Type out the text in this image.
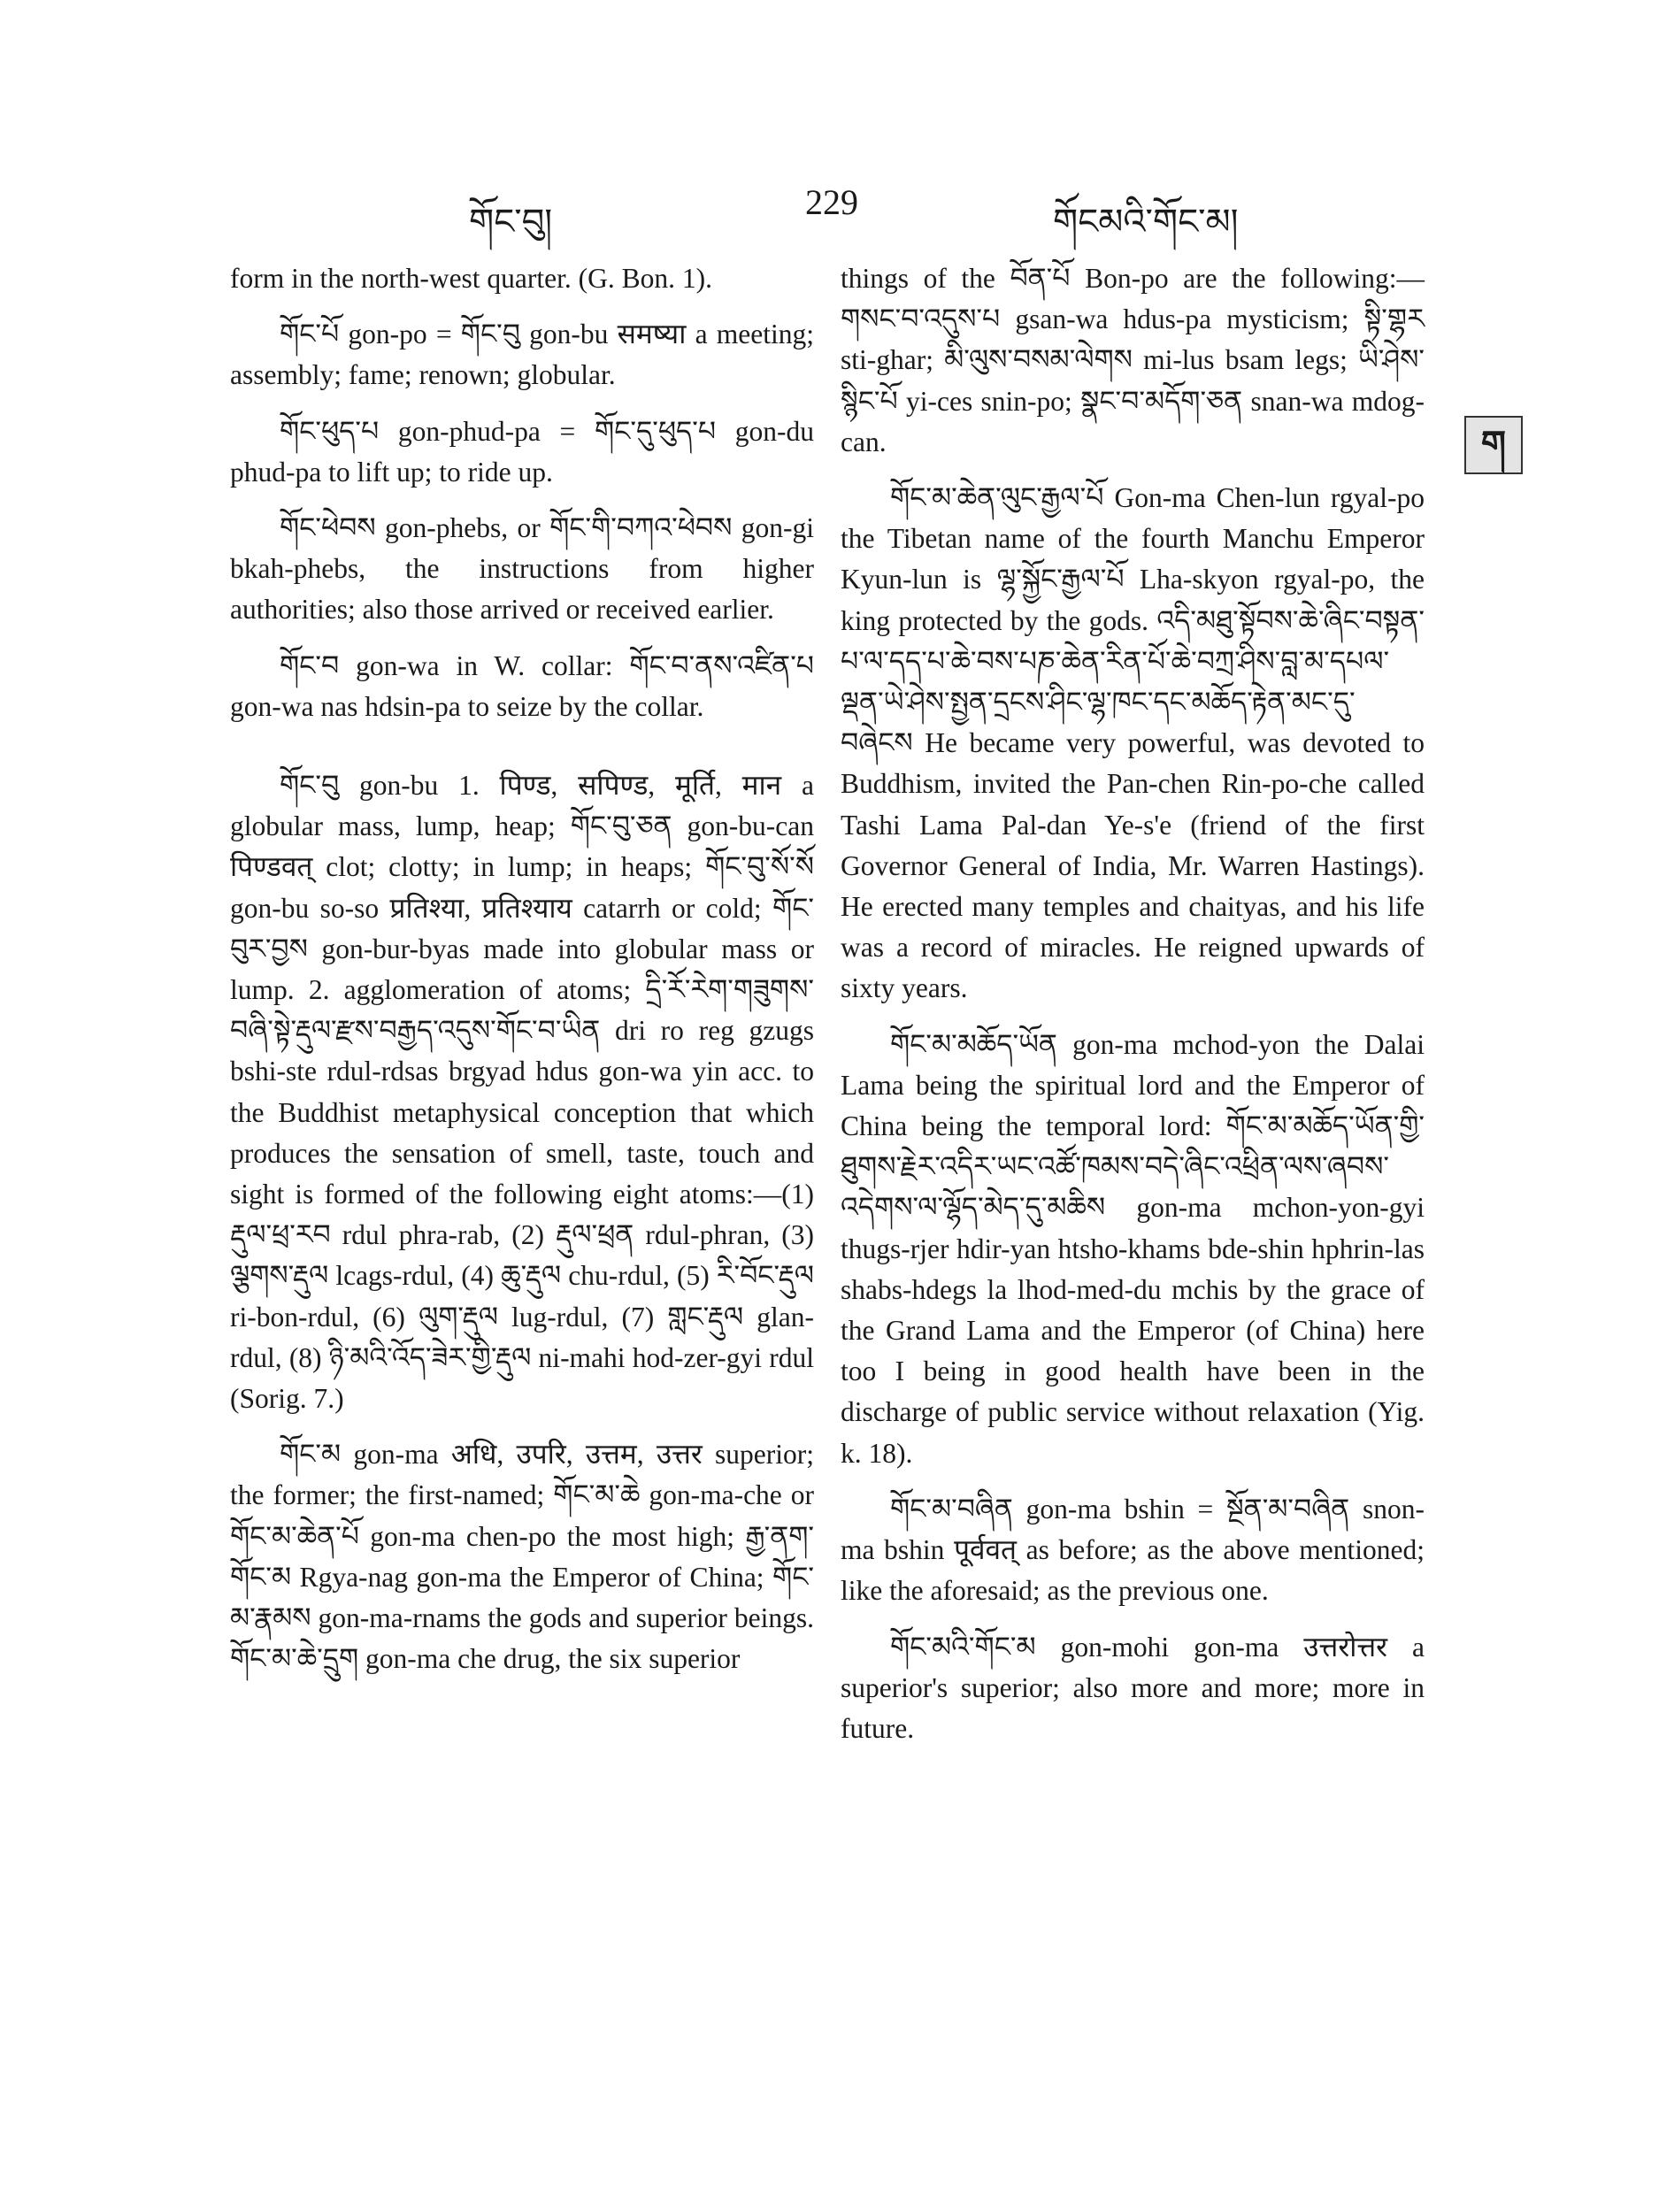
གོང་བུ།	229	གོངམའི་གོང་མ།
ག

form in the north-west quarter. (G. Bon. 1).

གོང་པོ gon-po = གོང་བུ gon-bu समष्या a meeting; assembly; fame; renown; globular.

གོང་ཕུད་པ gon-phud-pa = གོང་དུ་ཕུད་པ gon-du phud-pa to lift up; to ride up.

གོང་ཕེབས gon-phebs, or གོང་གི་བཀའ་ཕེབས gon-gi bkah-phebs, the instructions from higher authorities; also those arrived or received earlier.

གོང་བ gon-wa in W. collar: གོང་བ་ནས་འཛིན་པ gon-wa nas hdsin-pa to seize by the collar.

གོང་བུ gon-bu 1. पिण्ड, सपिण्ड, मूर्ति, मान a globular mass, lump, heap; གོང་བུ་ཅན gon-bu-can पिण्डवत् clot; clotty; in lump; in heaps; གོང་བུ་སོ་སོ gon-bu so-so प्रतिश्या, प्रतिश्याय catarrh or cold; གོང་བུར་བྱས gon-bur-byas made into globular mass or lump. 2. agglomeration of atoms; དྲི་རོ་རེག་གཟུགས་བཞི་སྟེ་རྡུལ་རྫས་བརྒྱད་འདུས་གོང་བ་ཡིན dri ro reg gzugs bshi-ste rdul-rdsas brgyad hdus gon-wa yin acc. to the Buddhist metaphysical conception that which produces the sensation of smell, taste, touch and sight is formed of the following eight atoms:—(1) རྡུལ་ཕྲ་རབ rdul phra-rab, (2) རྡུལ་ཕྲན rdul-phran, (3) ལྕགས་རྡུལ lcags-rdul, (4) ཆུ་རྡུལ chu-rdul, (5) རི་བོང་རྡུལ ri-bon-rdul, (6) ལུག་རྡུལ lug-rdul, (7) གླང་རྡུལ glan-rdul, (8) ཉི་མའི་འོད་ཟེར་གྱི་རྡུལ ni-mahi hod-zer-gyi rdul (Sorig. 7.)

གོང་མ gon-ma अधि, उपरि, उत्तम, उत्तर superior; the former; the first-named; གོང་མ་ཆེ gon-ma-che or གོང་མ་ཆེན་པོ gon-ma chen-po the most high; རྒྱ་ནག་གོང་མ Rgya-nag gon-ma the Emperor of China; གོང་མ་རྣམས gon-ma-rnams the gods and superior beings. གོང་མ་ཆེ་དྲུག gon-ma che drug, the six superior

things of the བོན་པོ Bon-po are the following:—གསང་བ་འདུས་པ gsan-wa hdus-pa mysticism; སྟི་གྷར sti-ghar; མི་ལུས་བསམ་ལེགས mi-lus bsam legs; ཡི་ཤེས་སྙིང་པོ yi-ces snin-po; སྣང་བ་མདོག་ཅན snan-wa mdog-can.

གོང་མ་ཆེན་ལུང་རྒྱལ་པོ Gon-ma Chen-lun rgyal-po the Tibetan name of the fourth Manchu Emperor Kyun-lun is ལྷ་སྐྱོང་རྒྱལ་པོ Lha-skyon rgyal-po, the king protected by the gods. འདི་མཐུ་སྟོབས་ཆེ་ཞིང་བསྟན་པ་ལ་དད་པ་ཆེ་བས་པཎ་ཆེན་རིན་པོ་ཆེ་བཀྲ་ཤིས་བླ་མ་དཔལ་ལྡན་ཡེ་ཤེས་སྤྱན་དྲངས་ཤིང་ལྷ་ཁང་དང་མཆོད་རྟེན་མང་དུ་བཞེངས He became very powerful, was devoted to Buddhism, invited the Pan-chen Rin-po-che called Tashi Lama Pal-dan Ye-s'e (friend of the first Governor General of India, Mr. Warren Hastings). He erected many temples and chaityas, and his life was a record of miracles. He reigned upwards of sixty years.

གོང་མ་མཆོད་ཡོན gon-ma mchod-yon the Dalai Lama being the spiritual lord and the Emperor of China being the temporal lord: གོང་མ་མཆོད་ཡོན་གྱི་ཐུགས་རྗེར་འདིར་ཡང་འཚོ་ཁམས་བདེ་ཞིང་འཕྲིན་ལས་ཞབས་འདེགས་ལ་ལྷོད་མེད་དུ་མཆིས gon-ma mchon-yon-gyi thugs-rjer hdir-yan htsho-khams bde-shin hphrin-las shabs-hdegs la lhod-med-du mchis by the grace of the Grand Lama and the Emperor (of China) here too I being in good health have been in the discharge of public service without relaxation (Yig. k. 18).

གོང་མ་བཞིན gon-ma bshin = སྔོན་མ་བཞིན snon-ma bshin पूर्ववत् as before; as the above mentioned; like the aforesaid; as the previous one.

གོང་མའི་གོང་མ gon-mohi gon-ma उत्तरोत्तर a superior's superior; also more and more; more in future.
